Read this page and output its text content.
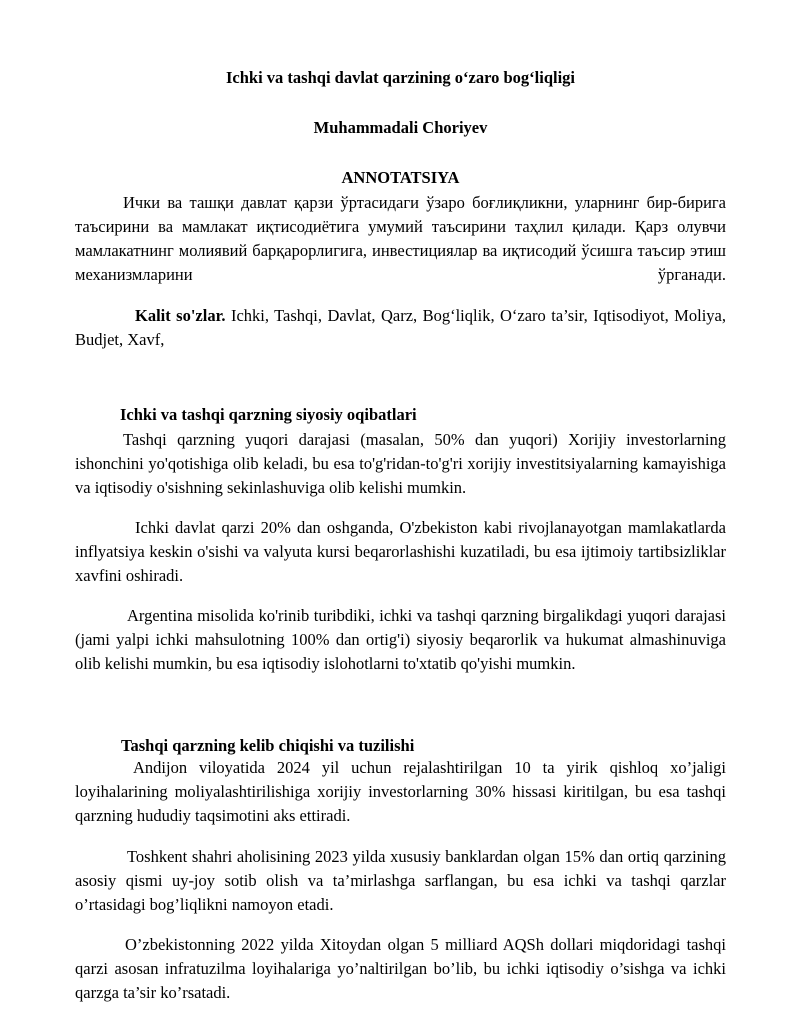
Ichki va tashqi davlat qarzining o‘zaro bog‘liqligi
Muhammadali Choriyev
ANNOTATSIYA

Ички ва ташқи давлат қарзи ўртасидаги ўзаро боғлиқликни, уларнинг бир-бирига таъсирини ва мамлакат иқтисодиётига умумий таъсирини таҳлил қилади. Қарз олувчи мамлакатнинг молиявий барқарорлигига, инвестициялар ва иқтисодий ўсишга таъсир этиш механизмларини ўрганади.

Kalit so'zlar. Ichki, Tashqi, Davlat, Qarz, Bog‘liqlik, O‘zaro ta’sir, Iqtisodiyot, Moliya, Budjet, Xavf,

Ichki va tashqi qarzning siyosiy oqibatlari

Tashqi qarzning yuqori darajasi (masalan, 50% dan yuqori) Xorijiy investorlarning ishonchini yo'qotishiga olib keladi, bu esa to'g'ridan-to'g'ri xorijiy investitsiyalarning kamayishiga va iqtisodiy o'sishning sekinlashuviga olib kelishi mumkin.

Ichki davlat qarzi 20% dan oshganda, O'zbekiston kabi rivojlanayotgan mamlakatlarda inflyatsiya keskin o'sishi va valyuta kursi beqarorlashishi kuzatiladi, bu esa ijtimoiy tartibsizliklar xavfini oshiradi.

Argentina misolida ko'rinib turibdiki, ichki va tashqi qarzning birgalikdagi yuqori darajasi (jami yalpi ichki mahsulotning 100% dan ortig'i) siyosiy beqarorlik va hukumat almashinuviga olib kelishi mumkin, bu esa iqtisodiy islohotlarni to'xtatib qo'yishi mumkin.

Tashqi qarzning kelib chiqishi va tuzilishi

Andijon viloyatida 2024 yil uchun rejalashtirilgan 10 ta yirik qishloq xo’jaligi loyihalarining moliyalashtirilishiga xorijiy investorlarning 30% hissasi kiritilgan, bu esa tashqi qarzning hududiy taqsimotini aks ettiradi.

Toshkent shahri aholisining 2023 yilda xususiy banklardan olgan 15% dan ortiq qarzining asosiy qismi uy-joy sotib olish va ta’mirlashga sarflangan, bu esa ichki va tashqi qarzlar o’rtasidagi bog’liqlikni namoyon etadi.

O’zbekistonning 2022 yilda Xitoydan olgan 5 milliard AQSh dollari miqdoridagi tashqi qarzi asosan infratuzilma loyihalariga yo’naltirilgan bo’lib, bu ichki iqtisodiy o’sishga va ichki qarzga ta’sir ko’rsatadi.
